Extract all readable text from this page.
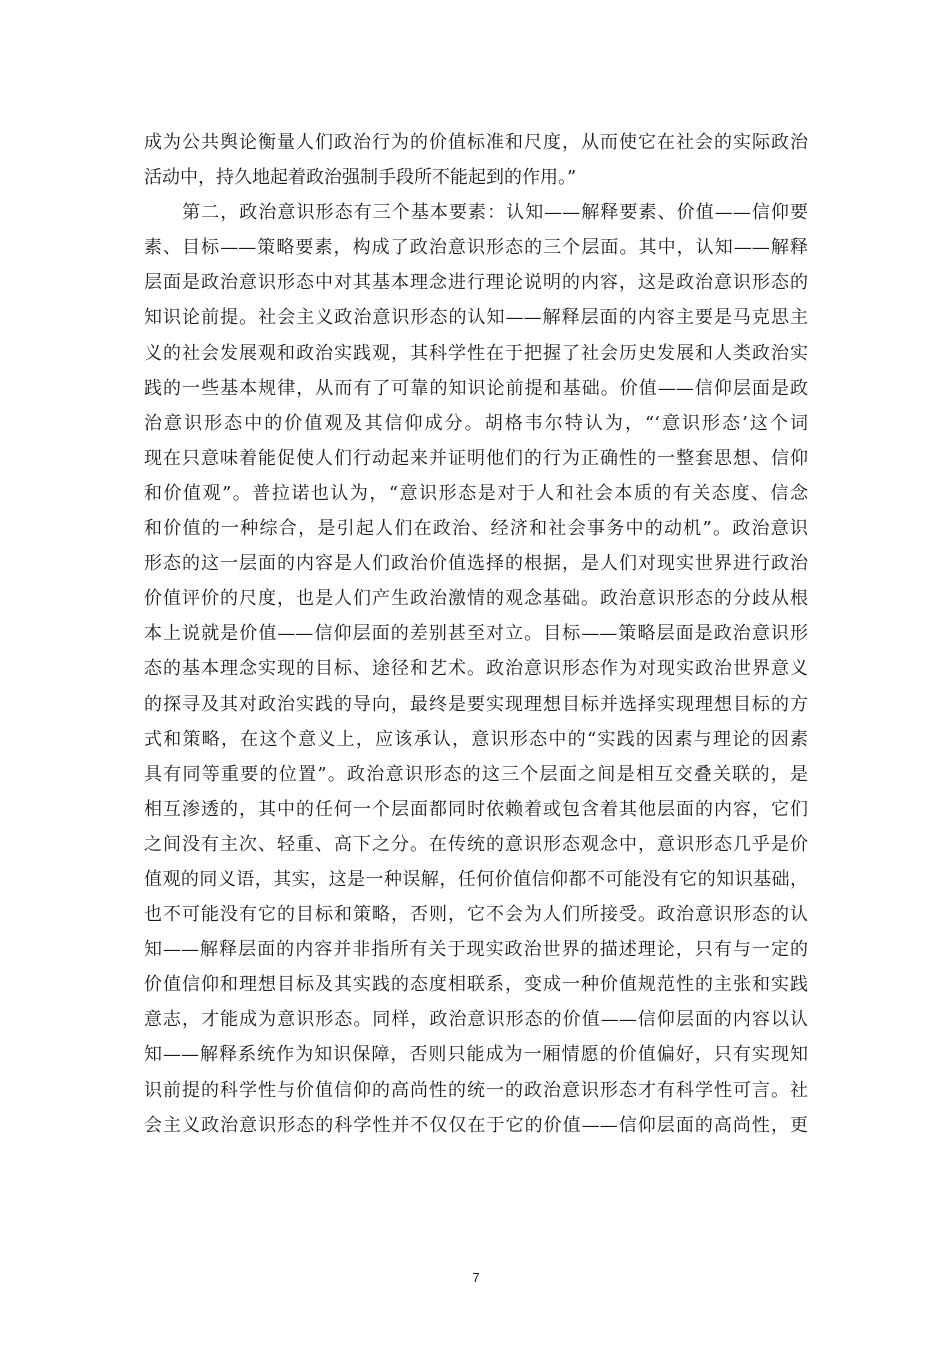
成为公共舆论衡量人们政治行为的价值标准和尺度，从而使它在社会的实际政治
活动中，持久地起着政治强制手段所不能起到的作用。”
　　第二，政治意识形态有三个基本要素：认知——解释要素、价值——信仰要
素、目标——策略要素，构成了政治意识形态的三个层面。其中，认知——解释
层面是政治意识形态中对其基本理念进行理论说明的内容，这是政治意识形态的
知识论前提。社会主义政治意识形态的认知——解释层面的内容主要是马克思主
义的社会发展观和政治实践观，其科学性在于把握了社会历史发展和人类政治实
践的一些基本规律，从而有了可靠的知识论前提和基础。价值——信仰层面是政
治意识形态中的价值观及其信仰成分。胡格韦尔特认为，“‘意识形态’这个词
现在只意味着能促使人们行动起来并证明他们的行为正确性的一整套思想、信仰
和价值观”。普拉诺也认为，“意识形态是对于人和社会本质的有关态度、信念
和价值的一种综合，是引起人们在政治、经济和社会事务中的动机”。政治意识
形态的这一层面的内容是人们政治价值选择的根据，是人们对现实世界进行政治
价值评价的尺度，也是人们产生政治激情的观念基础。政治意识形态的分歧从根
本上说就是价值——信仰层面的差别甚至对立。目标——策略层面是政治意识形
态的基本理念实现的目标、途径和艺术。政治意识形态作为对现实政治世界意义
的探寻及其对政治实践的导向，最终是要实现理想目标并选择实现理想目标的方
式和策略，在这个意义上，应该承认，意识形态中的“实践的因素与理论的因素
具有同等重要的位置”。政治意识形态的这三个层面之间是相互交叠关联的，是
相互渗透的，其中的任何一个层面都同时依赖着或包含着其他层面的内容，它们
之间没有主次、轻重、高下之分。在传统的意识形态观念中，意识形态几乎是价
值观的同义语，其实，这是一种误解，任何价值信仰都不可能没有它的知识基础，
也不可能没有它的目标和策略，否则，它不会为人们所接受。政治意识形态的认
知——解释层面的内容并非指所有关于现实政治世界的描述理论，只有与一定的
价值信仰和理想目标及其实践的态度相联系，变成一种价值规范性的主张和实践
意志，才能成为意识形态。同样，政治意识形态的价值——信仰层面的内容以认
知——解释系统作为知识保障，否则只能成为一厢情愿的价值偏好，只有实现知
识前提的科学性与价值信仰的高尚性的统一的政治意识形态才有科学性可言。社
会主义政治意识形态的科学性并不仅仅在于它的价值——信仰层面的高尚性，更
7
